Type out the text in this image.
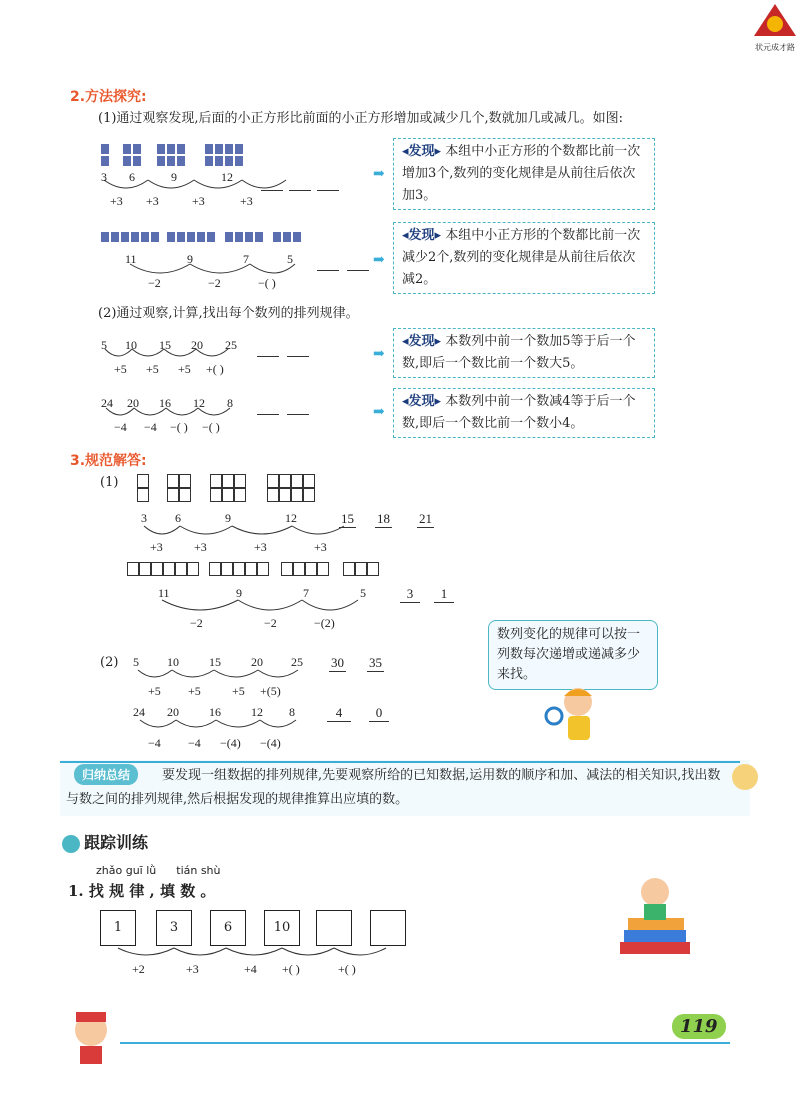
状元成才路
2.方法探究:
(1)通过观察发现,后面的小正方形比前面的小正方形增加或减少几个,数就加几或减几。如图:
3 6	9	12
+3 +3	+3	+3
➡
◂发现▸ 本组中小正方形的个数都比前一次增加3个,数列的变化规律是从前往后依次加3。
11	9	7	5
−2	−2	−( )
➡
◂发现▸ 本组中小正方形的个数都比前一次减少2个,数列的变化规律是从前往后依次减2。
(2)通过观察,计算,找出每个数列的排列规律。
5 10 15 20 25
+5 +5 +5 +( )
➡
◂发现▸ 本数列中前一个数加5等于后一个数,即后一个数比前一个数大5。
24 20 16 12 8
−4 −4 −( ) −( )
➡
◂发现▸ 本数列中前一个数减4等于后一个数,即后一个数比前一个数小4。
3.规范解答:
(1)
3 6	9	12	15 18 21
+3	+3	+3	+3
11	9	7	5	3	1
−2	−2	−(2)
(2) 5 10	15	20 25 30 35
+5 +5	+5 +(5)
24 20	16	12 8	4	0
−4 −4 −(4) −(4)
数列变化的规律可以按一列数每次递增或递减多少来找。
归纳总结	要发现一组数据的排列规律,先要观察所给的已知数据,运用数的顺序和加、减法的相关知识,找出数与数之间的排列规律,然后根据发现的规律推算出应填的数。
跟踪训练
zhǎo guī lǜ tián shù
1. 找 规 律 , 填 数 。
1	3	6	10
+2	+3	+4 +( )	+( )
119
